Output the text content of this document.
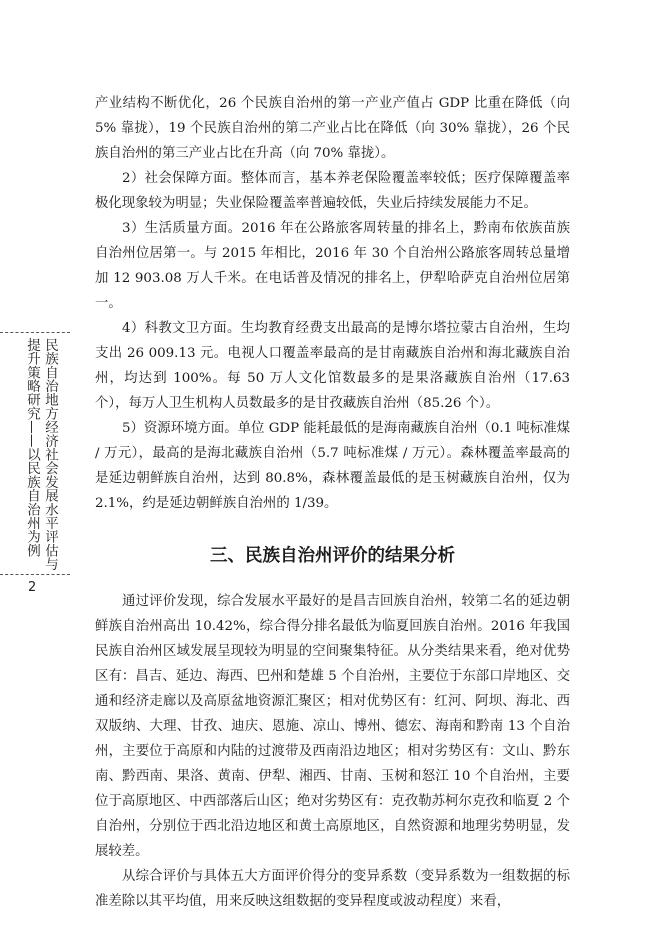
民族自治地方经济社会发展水平评估与
提升策略研究——以民族自治州为例
2

产业结构不断优化，26 个民族自治州的第一产业产值占 GDP 比重在降低（向 5% 靠拢），19 个民族自治州的第二产业占比在降低（向 30% 靠拢），26 个民族自治州的第三产业占比在升高（向 70% 靠拢）。

2）社会保障方面。整体而言，基本养老保险覆盖率较低；医疗保障覆盖率极化现象较为明显；失业保险覆盖率普遍较低，失业后持续发展能力不足。

3）生活质量方面。2016 年在公路旅客周转量的排名上，黔南布依族苗族自治州位居第一。与 2015 年相比，2016 年 30 个自治州公路旅客周转总量增加 12 903.08 万人千米。在电话普及情况的排名上，伊犁哈萨克自治州位居第一。

4）科教文卫方面。生均教育经费支出最高的是博尔塔拉蒙古自治州，生均支出 26 009.13 元。电视人口覆盖率最高的是甘南藏族自治州和海北藏族自治州，均达到 100%。每 50 万人文化馆数最多的是果洛藏族自治州（17.63 个），每万人卫生机构人员数最多的是甘孜藏族自治州（85.26 个）。

5）资源环境方面。单位 GDP 能耗最低的是海南藏族自治州（0.1 吨标准煤 / 万元），最高的是海北藏族自治州（5.7 吨标准煤 / 万元）。森林覆盖率最高的是延边朝鲜族自治州，达到 80.8%，森林覆盖最低的是玉树藏族自治州，仅为 2.1%，约是延边朝鲜族自治州的 1/39。

三、民族自治州评价的结果分析

通过评价发现，综合发展水平最好的是昌吉回族自治州，较第二名的延边朝鲜族自治州高出 10.42%，综合得分排名最低为临夏回族自治州。2016 年我国民族自治州区域发展呈现较为明显的空间聚集特征。从分类结果来看，绝对优势区有：昌吉、延边、海西、巴州和楚雄 5 个自治州，主要位于东部口岸地区、交通和经济走廊以及高原盆地资源汇聚区；相对优势区有：红河、阿坝、海北、西双版纳、大理、甘孜、迪庆、恩施、凉山、博州、德宏、海南和黔南 13 个自治州，主要位于高原和内陆的过渡带及西南沿边地区；相对劣势区有：文山、黔东南、黔西南、果洛、黄南、伊犁、湘西、甘南、玉树和怒江 10 个自治州，主要位于高原地区、中西部落后山区；绝对劣势区有：克孜勒苏柯尔克孜和临夏 2 个自治州，分别位于西北沿边地区和黄土高原地区，自然资源和地理劣势明显，发展较差。

从综合评价与具体五大方面评价得分的变异系数（变异系数为一组数据的标准差除以其平均值，用来反映这组数据的变异程度或波动程度）来看，
